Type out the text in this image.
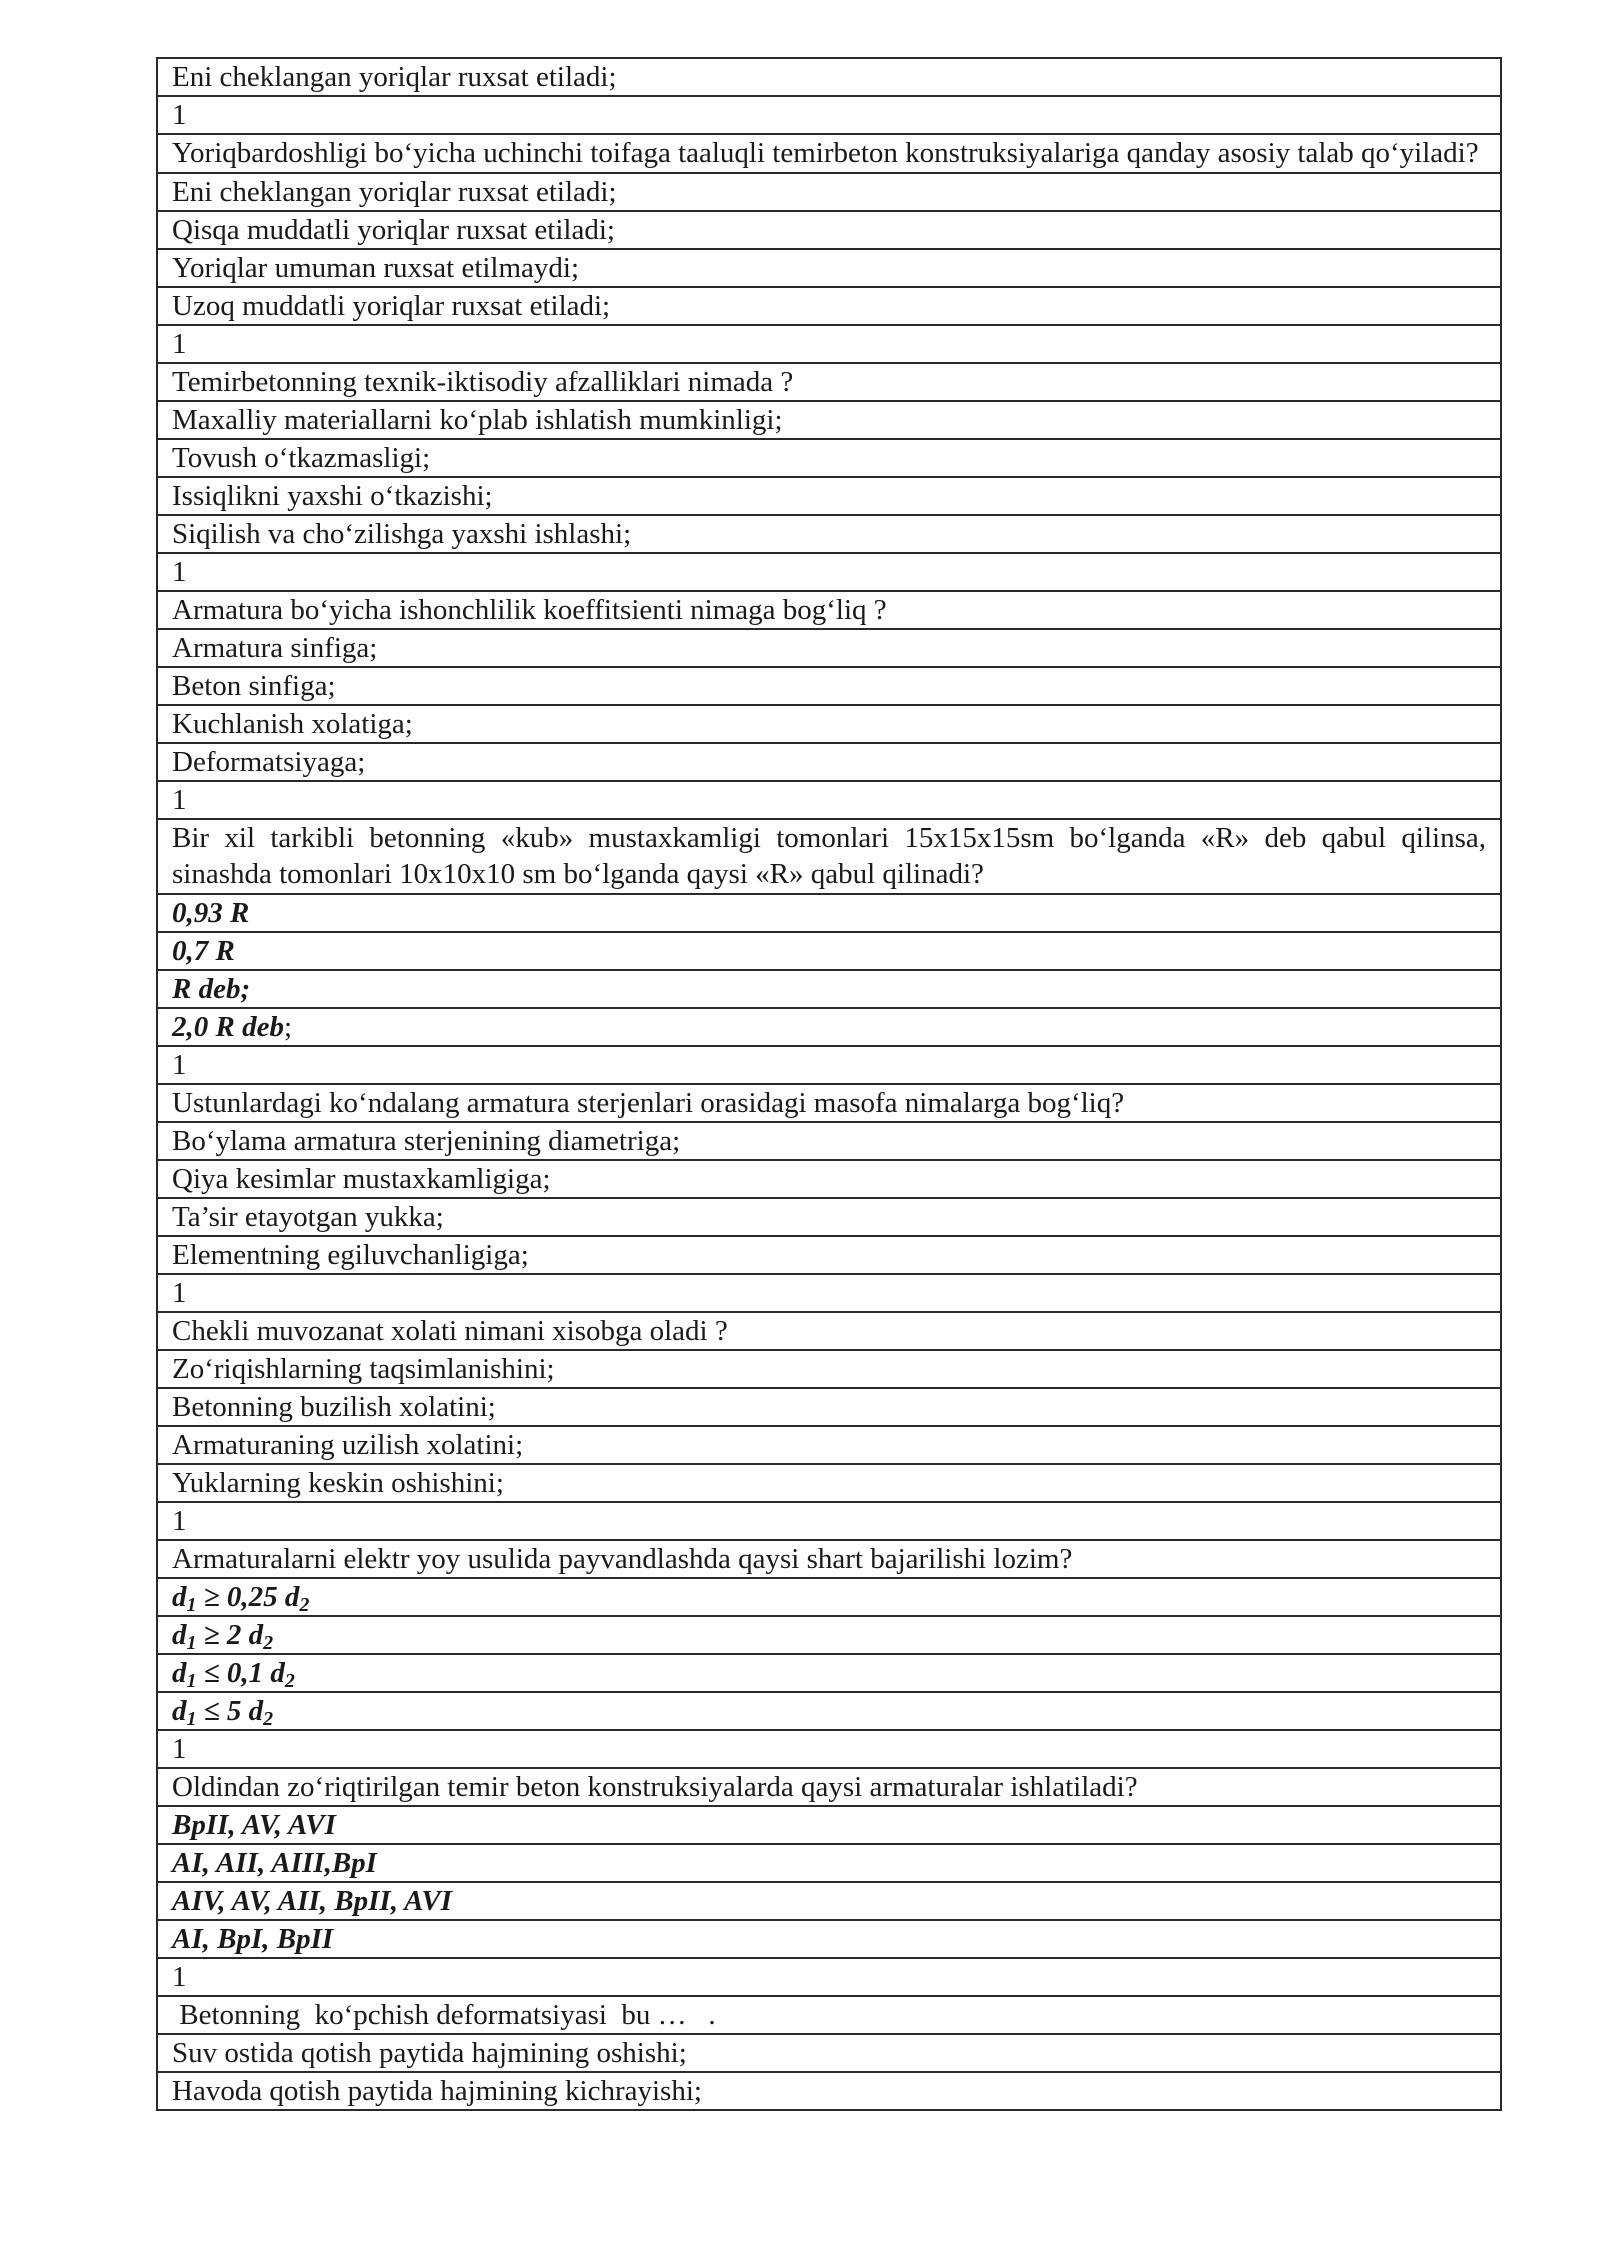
Eni cheklangan yoriqlar ruxsat etiladi;
1
Yoriqbardoshligi bo‘yicha uchinchi toifaga taaluqli temirbeton konstruksiyalariga qanday asosiy talab qo‘yiladi?
Eni cheklangan yoriqlar ruxsat etiladi;
Qisqa muddatli yoriqlar ruxsat etiladi;
Yoriqlar umuman ruxsat etilmaydi;
Uzoq muddatli yoriqlar ruxsat etiladi;
1
Temirbetonning texnik-iktisodiy afzalliklari nimada ?
Maxalliy materiallarni ko‘plab ishlatish mumkinligi;
Tovush o‘tkazmasligi;
Issiqlikni yaxshi o‘tkazishi;
Siqilish va cho‘zilishga yaxshi ishlashi;
1
Armatura bo‘yicha ishonchlilik koeffitsienti nimaga bog‘liq ?
Armatura sinfiga;
Beton sinfiga;
Kuchlanish xolatiga;
Deformatsiyaga;
1
Bir xil tarkibli betonning «kub» mustaxkamligi tomonlari 15x15x15sm bo‘lganda «R» deb qabul qilinsa, sinashda tomonlari 10x10x10 sm bo‘lganda qaysi «R» qabul qilinadi?
0,93 R
0,7 R
R deb;
2,0 R deb;
1
Ustunlardagi ko‘ndalang armatura sterjenlari orasidagi masofa nimalarga bog‘liq?
Bo‘ylama armatura sterjenining diametriga;
Qiya kesimlar mustaxkamligiga;
Ta’sir etayotgan yukka;
Elementning egiluvchanligiga;
1
Chekli muvozanat xolati nimani xisobga oladi ?
Zo‘riqishlarning taqsimlanishini;
Betonning buzilish xolatini;
Armaturaning uzilish xolatini;
Yuklarning keskin oshishini;
1
Armaturalarni elektr yoy usulida payvandlashda qaysi shart bajarilishi lozim?
$d_1 \ge 0,25$ $d_2$
$d_1 \ge 2$ $d_2$
$d_1 \le 0,1$ $d_2$
$d_1 \le 5$ $d_2$
1
Oldindan zo‘riqtirilgan temir beton konstruksiyalarda qaysi armaturalar ishlatiladi?
BpII, AV, AVI
AI, AII, AIII,BpI
AIV, AV, AII, BpII, AVI
AI, BpI, BpII
1
Betonning  ko‘pchish deformatsiyasi  bu …   .
Suv ostida qotish paytida hajmining oshishi;
Havoda qotish paytida hajmining kichrayishi;
